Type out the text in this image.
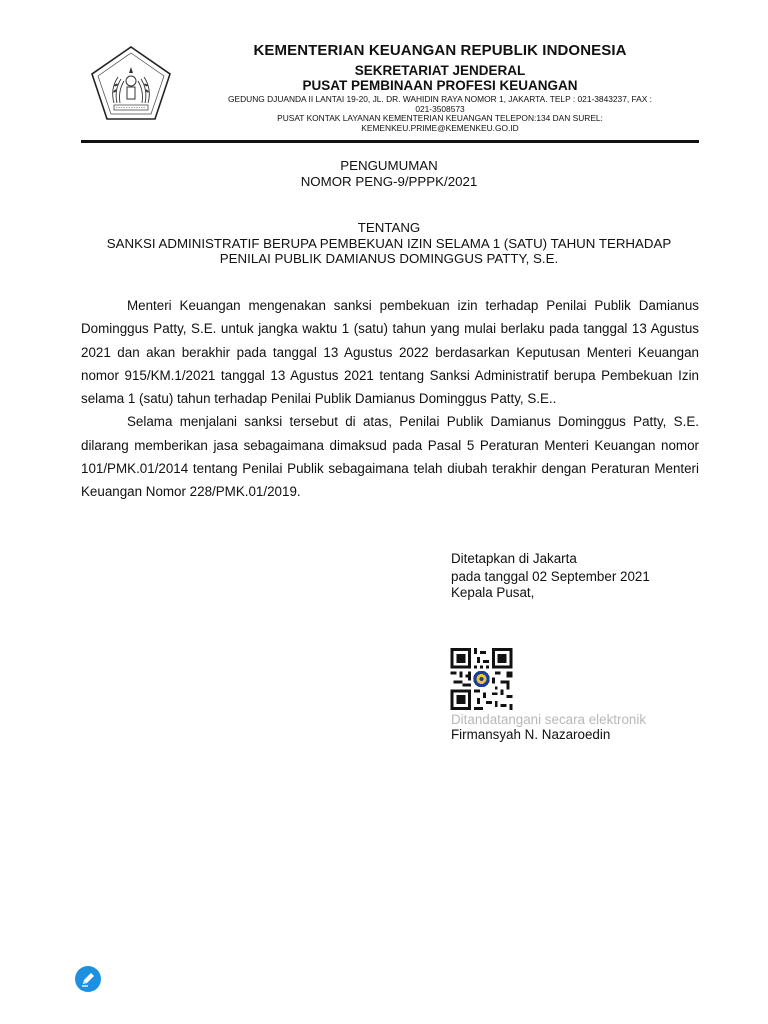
KEMENTERIAN KEUANGAN REPUBLIK INDONESIA
SEKRETARIAT JENDERAL
PUSAT PEMBINAAN PROFESI KEUANGAN
GEDUNG DJUANDA II LANTAI 19-20, JL. DR. WAHIDIN RAYA NOMOR 1, JAKARTA. TELP : 021-3843237, FAX : 021-3508573
PUSAT KONTAK LAYANAN KEMENTERIAN KEUANGAN TELEPON:134 DAN SUREL: KEMENKEU.PRIME@KEMENKEU.GO.ID
PENGUMUMAN
NOMOR PENG-9/PPPK/2021
TENTANG
SANKSI ADMINISTRATIF BERUPA PEMBEKUAN IZIN SELAMA 1 (SATU) TAHUN TERHADAP
PENILAI PUBLIK DAMIANUS DOMINGGUS PATTY, S.E.

Menteri Keuangan mengenakan sanksi pembekuan izin terhadap Penilai Publik Damianus Dominggus Patty, S.E. untuk jangka waktu 1 (satu) tahun yang mulai berlaku pada tanggal 13 Agustus 2021 dan akan berakhir pada tanggal 13 Agustus 2022 berdasarkan Keputusan Menteri Keuangan nomor 915/KM.1/2021 tanggal 13 Agustus 2021 tentang Sanksi Administratif berupa Pembekuan Izin selama 1 (satu) tahun terhadap Penilai Publik Damianus Dominggus Patty, S.E..

Selama menjalani sanksi tersebut di atas, Penilai Publik Damianus Dominggus Patty, S.E. dilarang memberikan jasa sebagaimana dimaksud pada Pasal 5 Peraturan Menteri Keuangan nomor 101/PMK.01/2014 tentang Penilai Publik sebagaimana telah diubah terakhir dengan Peraturan Menteri Keuangan Nomor 228/PMK.01/2019.

Ditetapkan di Jakarta
pada tanggal 02 September 2021
Kepala Pusat,
Ditandatangani secara elektronik
Firmansyah N. Nazaroedin
